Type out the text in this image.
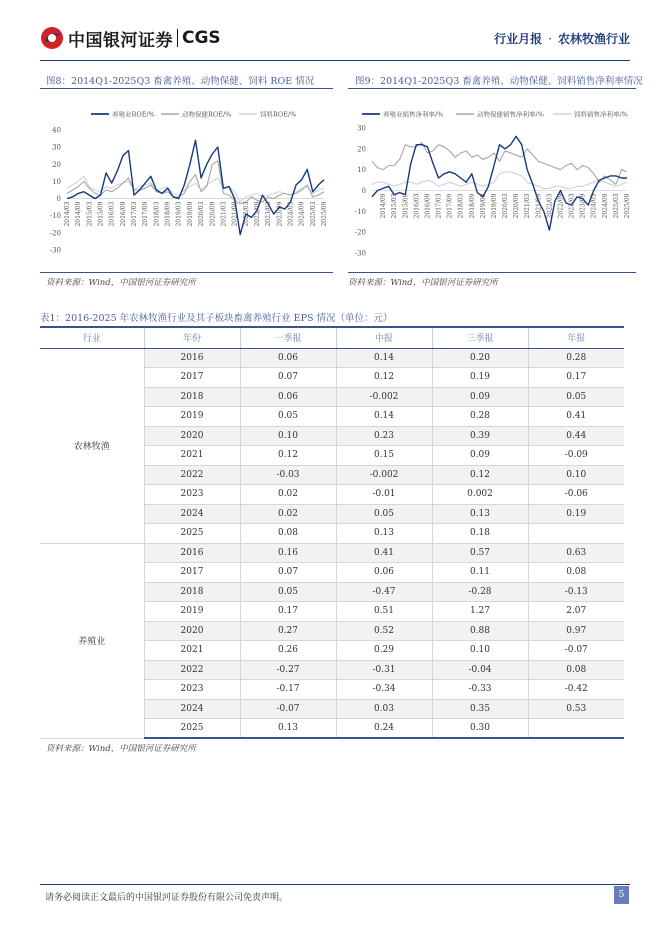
中国银河证券 CGS	行业月报 · 农林牧渔行业
图8：2014Q1-2025Q3 畜禽养殖、动物保健、饲料 ROE 情况
养殖业ROE/%	动物保健ROE/%	饲料ROE/%
-30
-20
-10
0
10
20
30
40
2014/03 2014/09 2015/03 2015/09 2016/03 2016/09 2017/03 2017/09 2018/03 2018/09 2019/03 2019/09 2020/03 2020/09 2021/03 2021/09 2022/03 2022/09 2023/03 2023/09 2024/03 2024/09 2025/03 2025/09
资料来源：Wind，中国银河证券研究所
图9：2014Q1-2025Q3 畜禽养殖、动物保健、饲料销售净利率情况
养殖业销售净利率/%	动物保健销售净利率/%	饲料销售净利率/%
-30
-20
-10
0
10
20
30
2014/09 2015/03 2015/09 2016/03 2016/09 2017/03 2017/09 2018/03 2018/09 2019/03 2019/09 2020/03 2020/09 2021/03 2021/09 2022/03 2022/09 2023/03 2023/09 2024/03 2024/09 2025/03 2025/09
资料来源：Wind，中国银河证券研究所
表1：2016-2025 年农林牧渔行业及其子板块畜禽养殖行业 EPS 情况（单位：元）
行业	年份	一季报	中报	三季报	年报
农林牧渔	2016	0.06	0.14	0.20	0.28
	2017	0.07	0.12	0.19	0.17
	2018	0.06	-0.002	0.09	0.05
	2019	0.05	0.14	0.28	0.41
	2020	0.10	0.23	0.39	0.44
	2021	0.12	0.15	0.09	-0.09
	2022	-0.03	-0.002	0.12	0.10
	2023	0.02	-0.01	0.002	-0.06
	2024	0.02	0.05	0.13	0.19
	2025	0.08	0.13	0.18	
养殖业	2016	0.16	0.41	0.57	0.63
	2017	0.07	0.06	0.11	0.08
	2018	0.05	-0.47	-0.28	-0.13
	2019	0.17	0.51	1.27	2.07
	2020	0.27	0.52	0.88	0.97
	2021	0.26	0.29	0.10	-0.07
	2022	-0.27	-0.31	-0.04	0.08
	2023	-0.17	-0.34	-0.33	-0.42
	2024	-0.07	0.03	0.35	0.53
	2025	0.13	0.24	0.30	
资料来源：Wind，中国银河证券研究所
请务必阅读正文最后的中国银河证券股份有限公司免责声明。	5
